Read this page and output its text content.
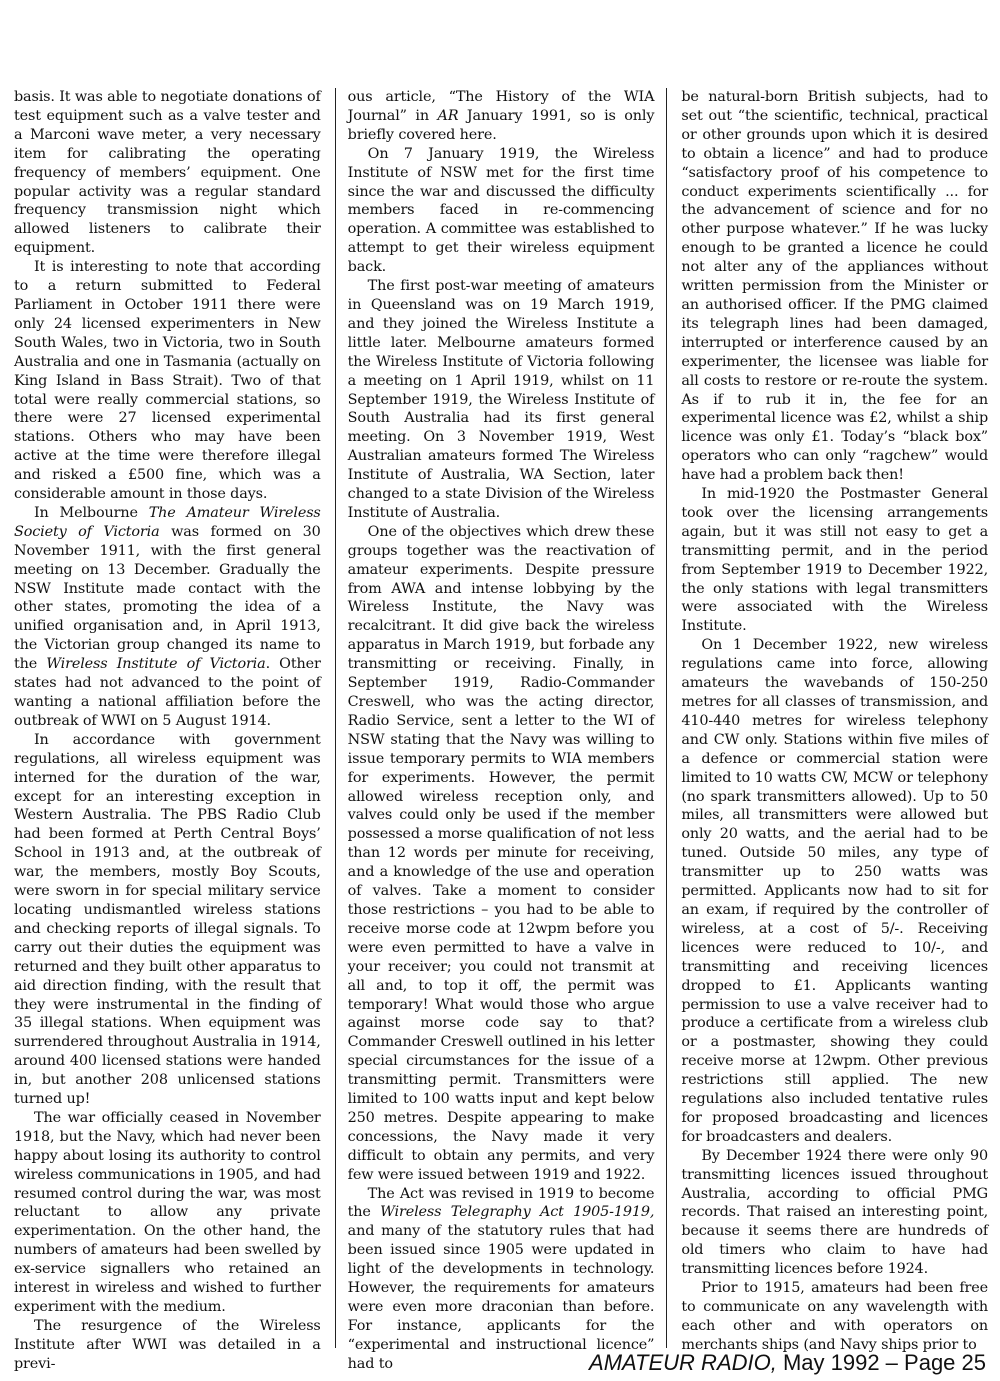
basis. It was able to negotiate donations of test equipment such as a valve tester and a Marconi wave meter, a very necessary item for calibrating the operating frequency of members’ equipment. One popular activity was a regular standard frequency transmission night which allowed listeners to calibrate their equipment.

It is interesting to note that according to a return submitted to Federal Parliament in October 1911 there were only 24 licensed experimenters in New South Wales, two in Victoria, two in South Australia and one in Tasmania (actually on King Island in Bass Strait). Two of that total were really commercial stations, so there were 27 licensed experimental stations. Others who may have been active at the time were therefore illegal and risked a £500 fine, which was a considerable amount in those days.

In Melbourne The Amateur Wireless Society of Victoria was formed on 30 November 1911, with the first general meeting on 13 December. Gradually the NSW Institute made contact with the other states, promoting the idea of a unified organisation and, in April 1913, the Victorian group changed its name to the Wireless Institute of Victoria. Other states had not advanced to the point of wanting a national affiliation before the outbreak of WWI on 5 August 1914.

In accordance with government regulations, all wireless equipment was interned for the duration of the war, except for an interesting exception in Western Australia. The PBS Radio Club had been formed at Perth Central Boys’ School in 1913 and, at the outbreak of war, the members, mostly Boy Scouts, were sworn in for special military service locating undismantled wireless stations and checking reports of illegal signals. To carry out their duties the equipment was returned and they built other apparatus to aid direction finding, with the result that they were instrumental in the finding of 35 illegal stations. When equipment was surrendered throughout Australia in 1914, around 400 licensed stations were handed in, but another 208 unlicensed stations turned up!

The war officially ceased in November 1918, but the Navy, which had never been happy about losing its authority to control wireless communications in 1905, and had resumed control during the war, was most reluctant to allow any private experimentation. On the other hand, the numbers of amateurs had been swelled by ex-service signallers who retained an interest in wireless and wished to further experiment with the medium.

The resurgence of the Wireless Institute after WWI was detailed in a previ-

ous article, “The History of the WIA Journal” in AR January 1991, so is only briefly covered here.

On 7 January 1919, the Wireless Institute of NSW met for the first time since the war and discussed the difficulty members faced in re-commencing operation. A committee was established to attempt to get their wireless equipment back.

The first post-war meeting of amateurs in Queensland was on 19 March 1919, and they joined the Wireless Institute a little later. Melbourne amateurs formed the Wireless Institute of Victoria following a meeting on 1 April 1919, whilst on 11 September 1919, the Wireless Institute of South Australia had its first general meeting. On 3 November 1919, West Australian amateurs formed The Wireless Institute of Australia, WA Section, later changed to a state Division of the Wireless Institute of Australia.

One of the objectives which drew these groups together was the reactivation of amateur experiments. Despite pressure from AWA and intense lobbying by the Wireless Institute, the Navy was recalcitrant. It did give back the wireless apparatus in March 1919, but forbade any transmitting or receiving. Finally, in September 1919, Radio-Commander Creswell, who was the acting director, Radio Service, sent a letter to the WI of NSW stating that the Navy was willing to issue temporary permits to WIA members for experiments. However, the permit allowed wireless reception only, and valves could only be used if the member possessed a morse qualification of not less than 12 words per minute for receiving, and a knowledge of the use and operation of valves. Take a moment to consider those restrictions – you had to be able to receive morse code at 12wpm before you were even permitted to have a valve in your receiver; you could not transmit at all and, to top it off, the permit was temporary! What would those who argue against morse code say to that? Commander Creswell outlined in his letter special circumstances for the issue of a transmitting permit. Transmitters were limited to 100 watts input and kept below 250 metres. Despite appearing to make concessions, the Navy made it very difficult to obtain any permits, and very few were issued between 1919 and 1922.

The Act was revised in 1919 to become the Wireless Telegraphy Act 1905-1919, and many of the statutory rules that had been issued since 1905 were updated in light of the developments in technology. However, the requirements for amateurs were even more draconian than before. For instance, applicants for the “experimental and instructional licence” had to

be natural-born British subjects, had to set out “the scientific, technical, practical or other grounds upon which it is desired to obtain a licence” and had to produce “satisfactory proof of his competence to conduct experiments scientifically ... for the advancement of science and for no other purpose whatever.” If he was lucky enough to be granted a licence he could not alter any of the appliances without written permission from the Minister or an authorised officer. If the PMG claimed its telegraph lines had been damaged, interrupted or interference caused by an experimenter, the licensee was liable for all costs to restore or re-route the system. As if to rub it in, the fee for an experimental licence was £2, whilst a ship licence was only £1. Today’s “black box” operators who can only “ragchew” would have had a problem back then!

In mid-1920 the Postmaster General took over the licensing arrangements again, but it was still not easy to get a transmitting permit, and in the period from September 1919 to December 1922, the only stations with legal transmitters were associated with the Wireless Institute.

On 1 December 1922, new wireless regulations came into force, allowing amateurs the wavebands of 150-250 metres for all classes of transmission, and 410-440 metres for wireless telephony and CW only. Stations within five miles of a defence or commercial station were limited to 10 watts CW, MCW or telephony (no spark transmitters allowed). Up to 50 miles, all transmitters were allowed but only 20 watts, and the aerial had to be tuned. Outside 50 miles, any type of transmitter up to 250 watts was permitted. Applicants now had to sit for an exam, if required by the controller of wireless, at a cost of 5/-. Receiving licences were reduced to 10/-, and transmitting and receiving licences dropped to £1. Applicants wanting permission to use a valve receiver had to produce a certificate from a wireless club or a postmaster, showing they could receive morse at 12wpm. Other previous restrictions still applied. The new regulations also included tentative rules for proposed broadcasting and licences for broadcasters and dealers.

By December 1924 there were only 90 transmitting licences issued throughout Australia, according to official PMG records. That raised an interesting point, because it seems there are hundreds of old timers who claim to have had transmitting licences before 1924.

Prior to 1915, amateurs had been free to communicate on any wavelength with each other and with operators on merchants ships (and Navy ships prior to

AMATEUR RADIO, May 1992 – Page 25
